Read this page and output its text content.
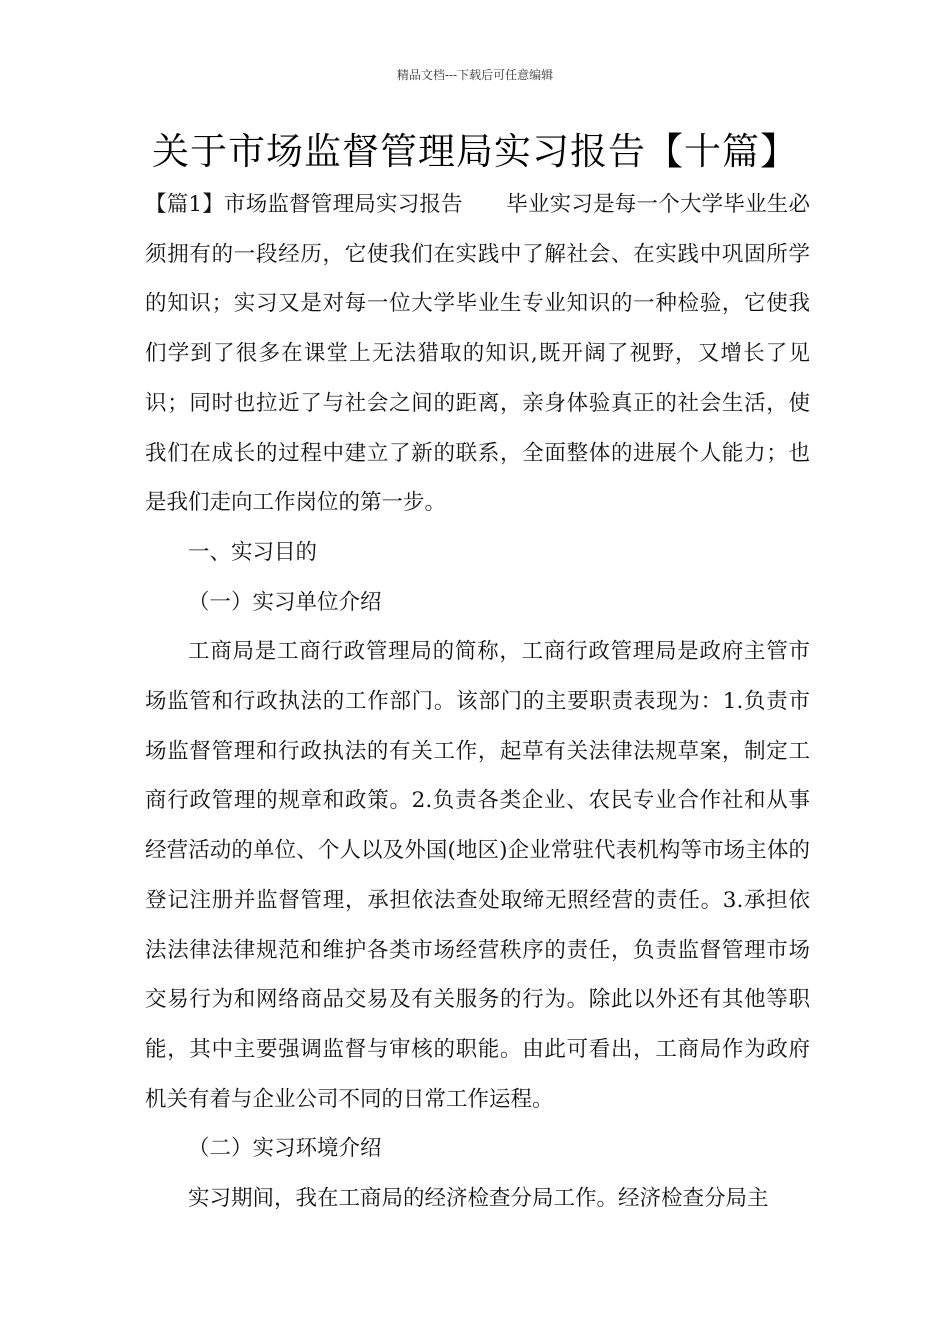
精品文档---下载后可任意编辑
关于市场监督管理局实习报告【十篇】

【篇1】市场监督管理局实习报告　　毕业实习是每一个大学毕业生必须拥有的一段经历，它使我们在实践中了解社会、在实践中巩固所学的知识；实习又是对每一位大学毕业生专业知识的一种检验，它使我们学到了很多在课堂上无法猎取的知识,既开阔了视野，又增长了见识；同时也拉近了与社会之间的距离，亲身体验真正的社会生活，使我们在成长的过程中建立了新的联系，全面整体的进展个人能力；也是我们走向工作岗位的第一步。

一、实习目的

（一）实习单位介绍

工商局是工商行政管理局的简称，工商行政管理局是政府主管市场监管和行政执法的工作部门。该部门的主要职责表现为：1.负责市场监督管理和行政执法的有关工作，起草有关法律法规草案，制定工商行政管理的规章和政策。2.负责各类企业、农民专业合作社和从事经营活动的单位、个人以及外国(地区)企业常驻代表机构等市场主体的登记注册并监督管理，承担依法查处取缔无照经营的责任。3.承担依法法律法律规范和维护各类市场经营秩序的责任，负责监督管理市场交易行为和网络商品交易及有关服务的行为。除此以外还有其他等职能，其中主要强调监督与审核的职能。由此可看出，工商局作为政府机关有着与企业公司不同的日常工作运程。

（二）实习环境介绍

实习期间，我在工商局的经济检查分局工作。经济检查分局主
